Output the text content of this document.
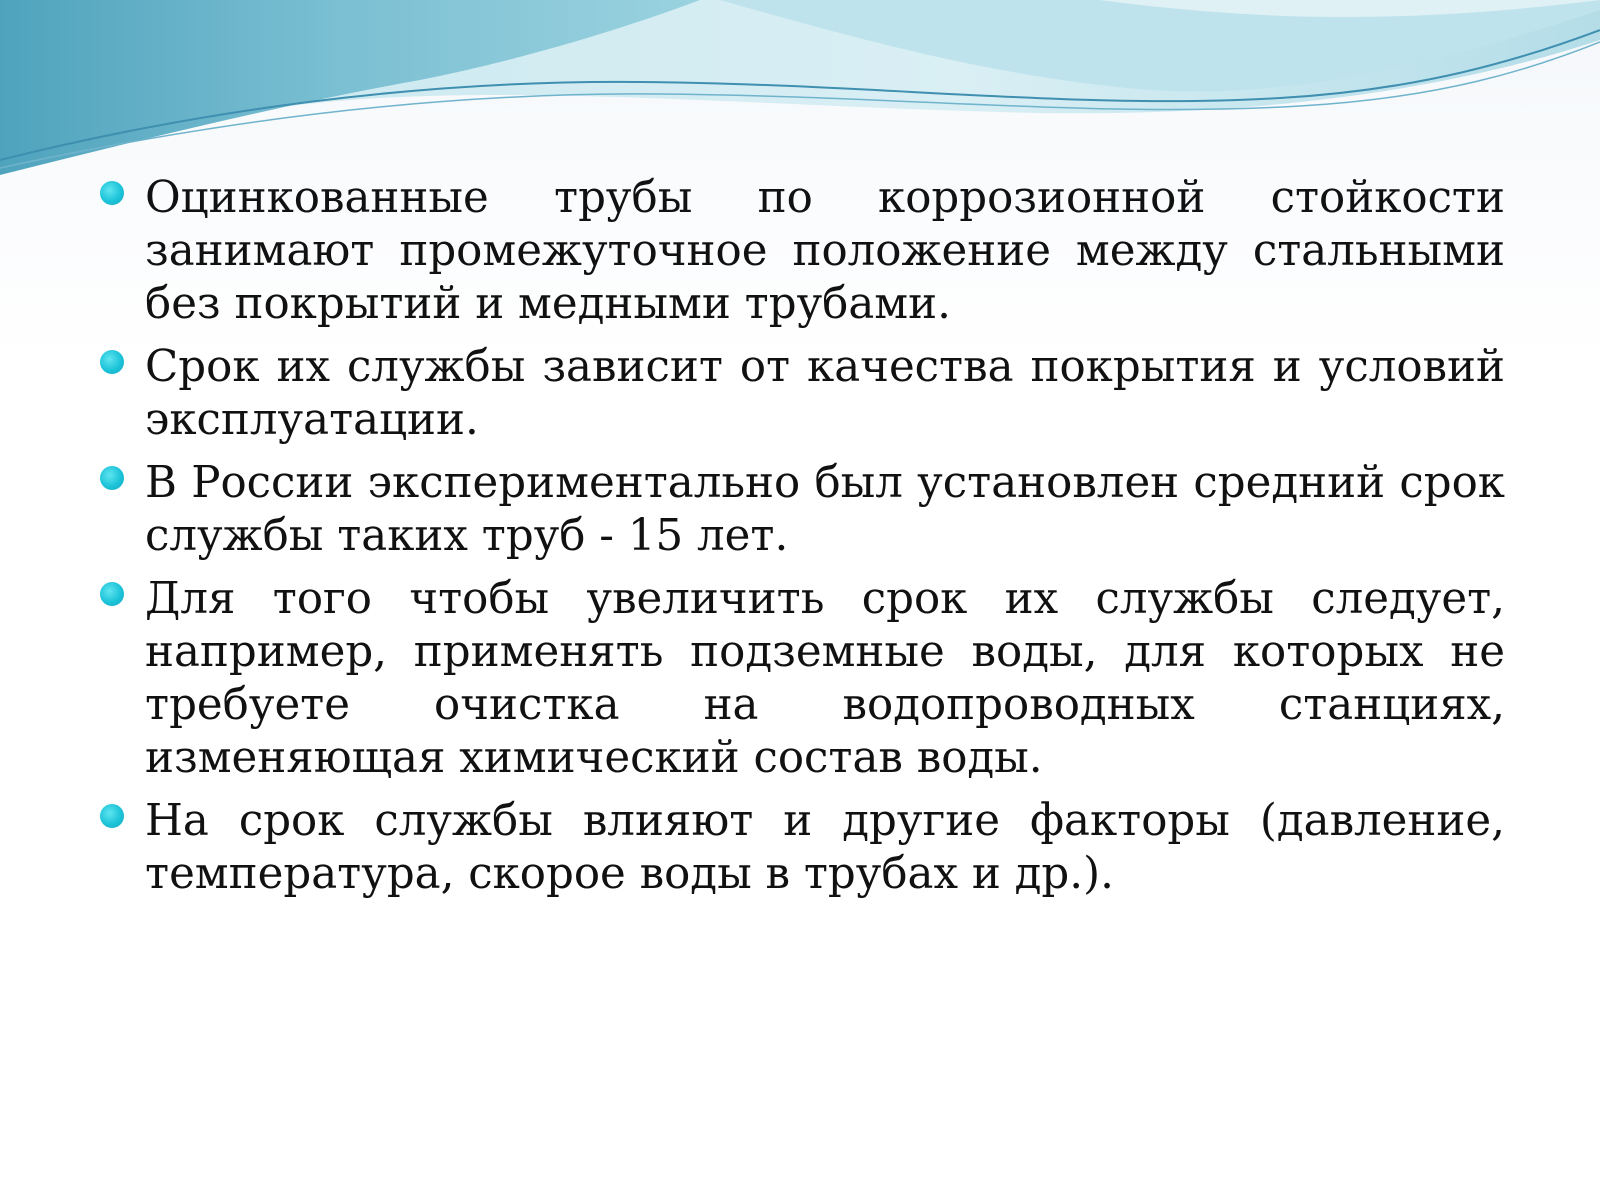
Оцинкованные трубы по коррозионной стойкости занимают промежуточное положение между стальными без покрытий и медными трубами.
Срок их службы зависит от качества покрытия и условий эксплуатации.
В России экспериментально был установлен средний срок службы таких труб - 15 лет.
Для того чтобы увеличить срок их службы следует, например, применять подземные воды, для которых не требуете очистка на водопроводных станциях, изменяющая химический состав воды.
На срок службы влияют и другие факторы (давление, температура, скорое воды в трубах и др.).
